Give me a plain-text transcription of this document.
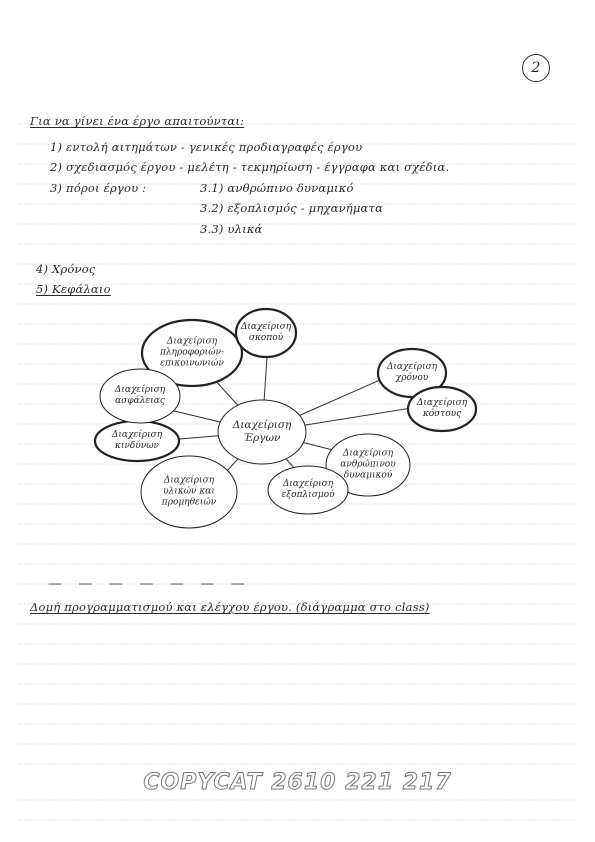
2
Για να γίνει ένα έργο απαιτούνται:
1) εντολή αιτημάτων - γενικές προδιαγραφές έργου
2) σχεδιασμός έργου - μελέτη - τεκμηρίωση - έγγραφα και σχέδια.
3) πόροι έργου :	3.1) ανθρώπινο δυναμικό
3.2) εξοπλισμός - μηχανήματα
3.3) υλικά
4) Χρόνος
5) Κεφάλαιο
Διαχείριση
Έργων
Διαχείριση
πληροφοριών-
επικοινωνιών
Διαχείριση
σκοπού
Διαχείριση
χρόνου
Διαχείριση
κόστους
Διαχείριση
ανθρώπινου
δυναμικού
Διαχείριση
εξοπλισμού
Διαχείριση
υλικών και
προμηθειών
Διαχείριση
κινδύνων
Διαχείριση
ασφάλειας
— — — — — — —
Δομή προγραμματισμού και ελέγχου έργου. (διάγραμμα στο class)
COPYCAT 2610 221 217
